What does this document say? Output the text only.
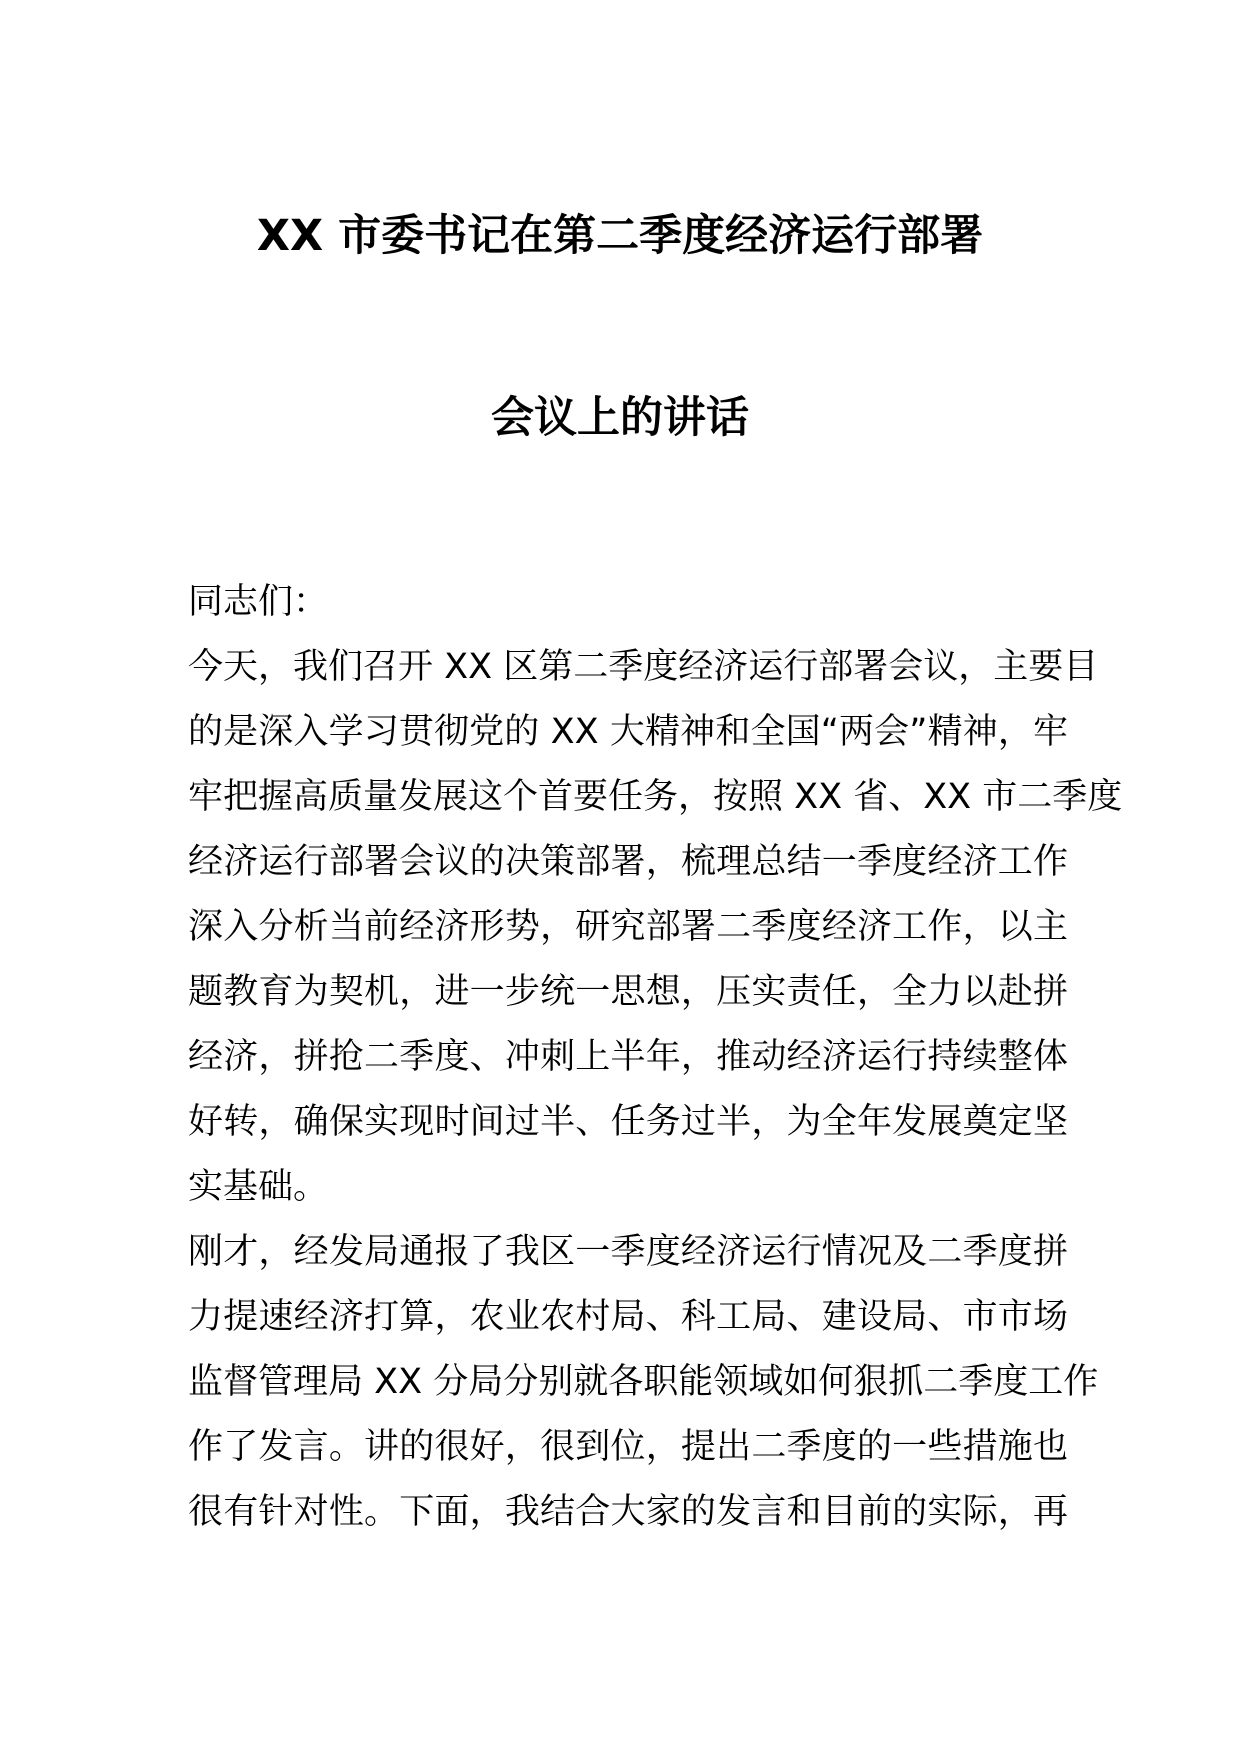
XX 市委书记在第二季度经济运行部署
会议上的讲话
同志们：
今天，我们召开 XX 区第二季度经济运行部署会议，主要目
的是深入学习贯彻党的 XX 大精神和全国“两会”精神，牢
牢把握高质量发展这个首要任务，按照 XX 省、XX 市二季度
经济运行部署会议的决策部署，梳理总结一季度经济工作
深入分析当前经济形势，研究部署二季度经济工作，以主
题教育为契机，进一步统一思想，压实责任，全力以赴拼
经济，拼抢二季度、冲刺上半年，推动经济运行持续整体
好转，确保实现时间过半、任务过半，为全年发展奠定坚
实基础。
刚才，经发局通报了我区一季度经济运行情况及二季度拼
力提速经济打算，农业农村局、科工局、建设局、市市场
监督管理局 XX 分局分别就各职能领域如何狠抓二季度工作
作了发言。讲的很好，很到位，提出二季度的一些措施也
很有针对性。下面，我结合大家的发言和目前的实际，再
